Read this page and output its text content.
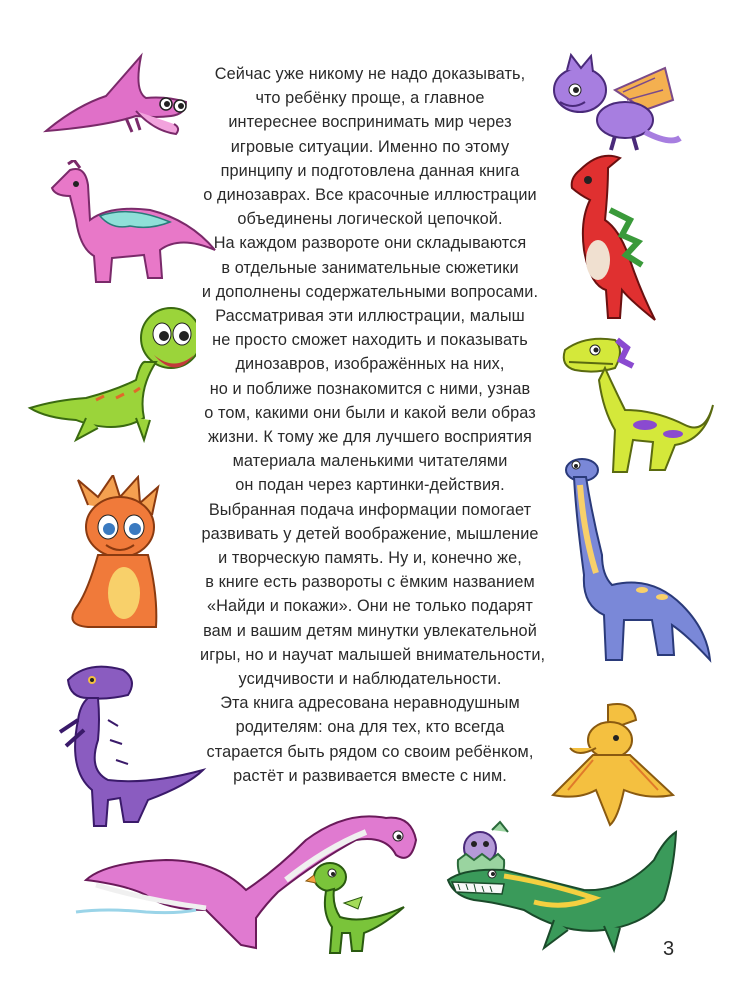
Сейчас уже никому не надо доказывать,
что ребёнку проще, а главное
интереснее воспринимать мир через
игровые ситуации. Именно по этому
принципу и подготовлена данная книга
о динозаврах. Все красочные иллюстрации
объединены логической цепочкой.
На каждом развороте они складываются
в отдельные занимательные сюжетики
и дополнены содержательными вопросами.
Рассматривая эти иллюстрации, малыш
не просто сможет находить и показывать
динозавров, изображённых на них,
но и поближе познакомится с ними, узнав
о том, какими они были и какой вели образ
жизни. К тому же для лучшего восприятия
материала маленькими читателями
он подан через картинки-действия.
Выбранная подача информации помогает
развивать у детей воображение, мышление
и творческую память. Ну и, конечно же,
в книге есть развороты с ёмким названием
«Найди и покажи». Они не только подарят
вам и вашим детям минутки увлекательной
игры, но и научат малышей внимательности,
усидчивости и наблюдательности.
Эта книга адресована неравнодушным
родителям: она для тех, кто всегда
старается быть рядом со своим ребёнком,
растёт и развивается вместе с ним.
3
